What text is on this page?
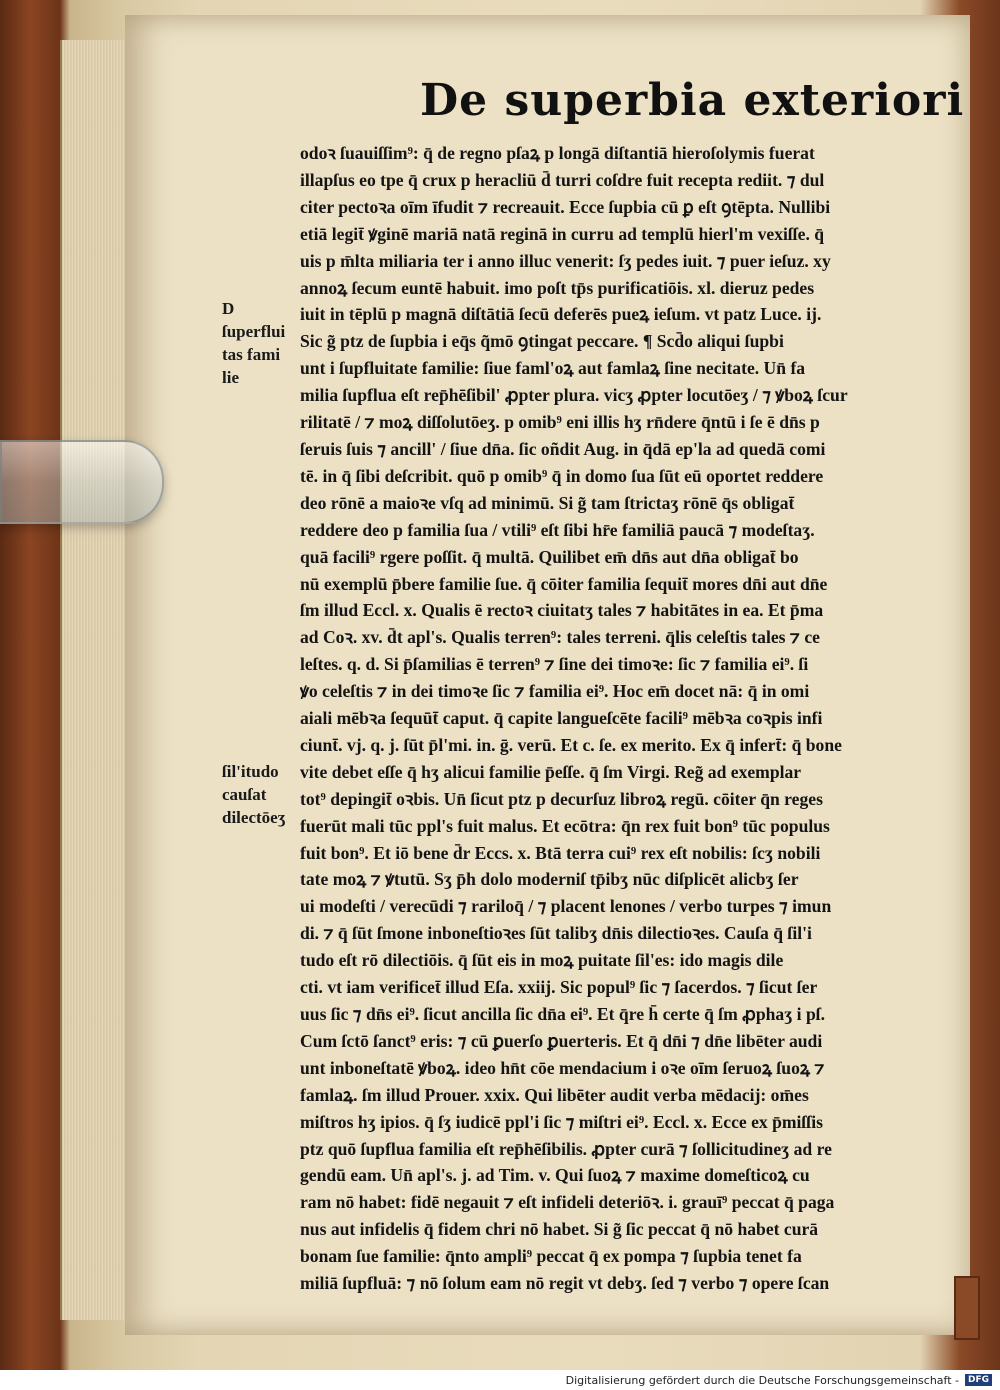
De superbia exteriori
odoꝛ ſuauiſſim⁹: q̄ de regno pſaꝝ p longā diſtantiā hieroſolymis fuerat
illapſus eo tpe q̄ crux p heracliū d̄ turri coſdre fuit recepta rediit. ⁊ dul
citer pectoꝛa oīm īfudit ⁊ recreauit. Ecce ſupbia cū ꝑ eſt ꝯtēpta. Nullibi
etiā legit̄ ꝟginē mariā natā reginā in curru ad templū hierl'm vexiſſe. q̄
uis p m̄lta miliaria ter i anno illuc venerit: ſʒ pedes iuit. ⁊ puer ieſuz. xy
annoꝝ ſecum euntē habuit. imo poſt tp̄s purificatiōis. xl. dieruz pedes
iuit in tēplū p magnā diſtātiā ſecū deferēs pueꝝ ieſum. vt patz Luce. ij.
Sic g̃ ptz de ſupbia i eq̄s q̃mō ꝯtingat peccare. ¶ Scd̄o aliqui ſupbi
unt i ſupfluitate familie: ſiue faml'oꝝ aut famlaꝝ ſine necitate. Un̄ fa
milia ſupflua eſt rep̄hēſibil' ꝓpter plura. vicʒ ꝓpter locutōeʒ / ⁊ ꝟboꝝ ſcur
rilitatē / ⁊ moꝝ diſſolutōeʒ. p omib⁹ eni illis hʒ rn̄dere q̄ntū i ſe ē dn̄s p
ſeruis ſuis ⁊ ancill' / ſiue dn̄a. ſic oñdit Aug. in q̄dā ep'la ad quedā comi
tē. in q̄ ſibi deſcribit. quō p omib⁹ q̄ in domo ſua ſūt eū oportet reddere
deo rōnē a maioꝛe vſq ad minimū. Si g̃ tam ſtrictaʒ rōnē q̄s obligat̄
reddere deo p familia ſua / vtili⁹ eſt ſibi hr̄e familiā paucā ⁊ modeſtaʒ.
quā facili⁹ rgere poſſit. q̄ multā. Quilibet em̄ dn̄s aut dn̄a obligat̄ bo
nū exemplū p̄bere familie ſue. q̄ cōiter familia ſequit̄ mores dn̄i aut dn̄e
ſm illud Eccl. x. Qualis ē rectoꝛ ciuitatʒ tales ⁊ habitātes in ea. Et p̄ma
ad Coꝛ. xv. d̄t apl's. Qualis terren⁹: tales terreni. q̄lis celeſtis tales ⁊ ce
leſtes. q. d. Si p̄ſamilias ē terren⁹ ⁊ ſine dei timoꝛe: ſic ⁊ familia ei⁹. ſi
ꝟo celeſtis ⁊ in dei timoꝛe ſic ⁊ familia ei⁹. Hoc em̄ docet nā: q̄ in omi
aiali mēbꝛa ſequūt̄ caput. q̄ capite langueſcēte facili⁹ mēbꝛa coꝛpis infi
ciunt̄. vj. q. j. ſūt p̄l'mi. in. ḡ. verū. Et c. ſe. ex merito. Ex q̄ infert̄: q̄ bone
vite debet eſſe q̄ hʒ alicui familie p̄eſſe. q̄ ſm Virgi. Reg̃ ad exemplar
tot⁹ depingit̄ oꝛbis. Un̄ ſicut ptz p decurſuz libroꝝ regū. cōiter q̄n reges
fuerūt mali tūc ppl's fuit malus. Et ecōtra: q̄n rex fuit bon⁹ tūc populus
fuit bon⁹. Et iō bene d̄r Eccs. x. Btā terra cui⁹ rex eſt nobilis: ſcʒ nobili
tate moꝝ ⁊ ꝟtutū. Sʒ p̄h dolo moderniſ tp̄ibʒ nūc diſplicēt alicbʒ ſer
ui modeſti / verecūdi ⁊ rariloq̄ / ⁊ placent lenones / verbo turpes ⁊ imun
di. ⁊ q̄ ſūt ſmone inboneſtioꝛes ſūt talibʒ dn̄is dilectioꝛes. Cauſa q̄ ſil'i
tudo eſt rō dilectiōis. q̄ ſūt eis in moꝝ puitate ſil'es: ido magis dile
cti. vt iam verificet̄ illud Eſa. xxiij. Sic popul⁹ ſic ⁊ ſacerdos. ⁊ ſicut ſer
uus ſic ⁊ dn̄s ei⁹. ſicut ancilla ſic dn̄a ei⁹. Et q̄re h̄ certe q̄ ſm ꝓphaʒ i pſ.
Cum ſctō ſanct⁹ eris: ⁊ cū ꝑuerſo ꝑuerteris. Et q̄ dn̄i ⁊ dn̄e libēter audi
unt inboneſtatē ꝟboꝝ. ideo hn̄t cōe mendacium i oꝛe oīm ſeruoꝝ ſuoꝝ ⁊
famlaꝝ. ſm illud Prouer. xxix. Qui libēter audit verba mēdacij: om̄es
miſtros hʒ ipios. q̄ ſʒ iudicē ppl'i ſic ⁊ miſtri ei⁹. Eccl. x. Ecce ex p̄miſſis
ptz quō ſupflua familia eſt rep̄hēſibilis. ꝓpter curā ⁊ ſollicitudineʒ ad re
gendū eam. Un̄ apl's. j. ad Tim. v. Qui ſuoꝝ ⁊ maxime domeſticoꝝ cu
ram nō habet: fidē negauit ⁊ eſt infideli deteriōꝛ. i. grauī⁹ peccat q̄ paga
nus aut infidelis q̄ fidem chri nō habet. Si g̃ ſic peccat q̄ nō habet curā
bonam ſue familie: q̄nto ampli⁹ peccat q̄ ex pompa ⁊ ſupbia tenet fa
miliā ſupfluā: ⁊ nō ſolum eam nō regit vt debʒ. ſed ⁊ verbo ⁊ opere ſcan
D
ſuperflui
tas fami
lie
ſil'itudo
cauſat
dilectōeʒ
Digitalisierung gefördert durch die Deutsche Forschungsgemeinschaft -	DFG
